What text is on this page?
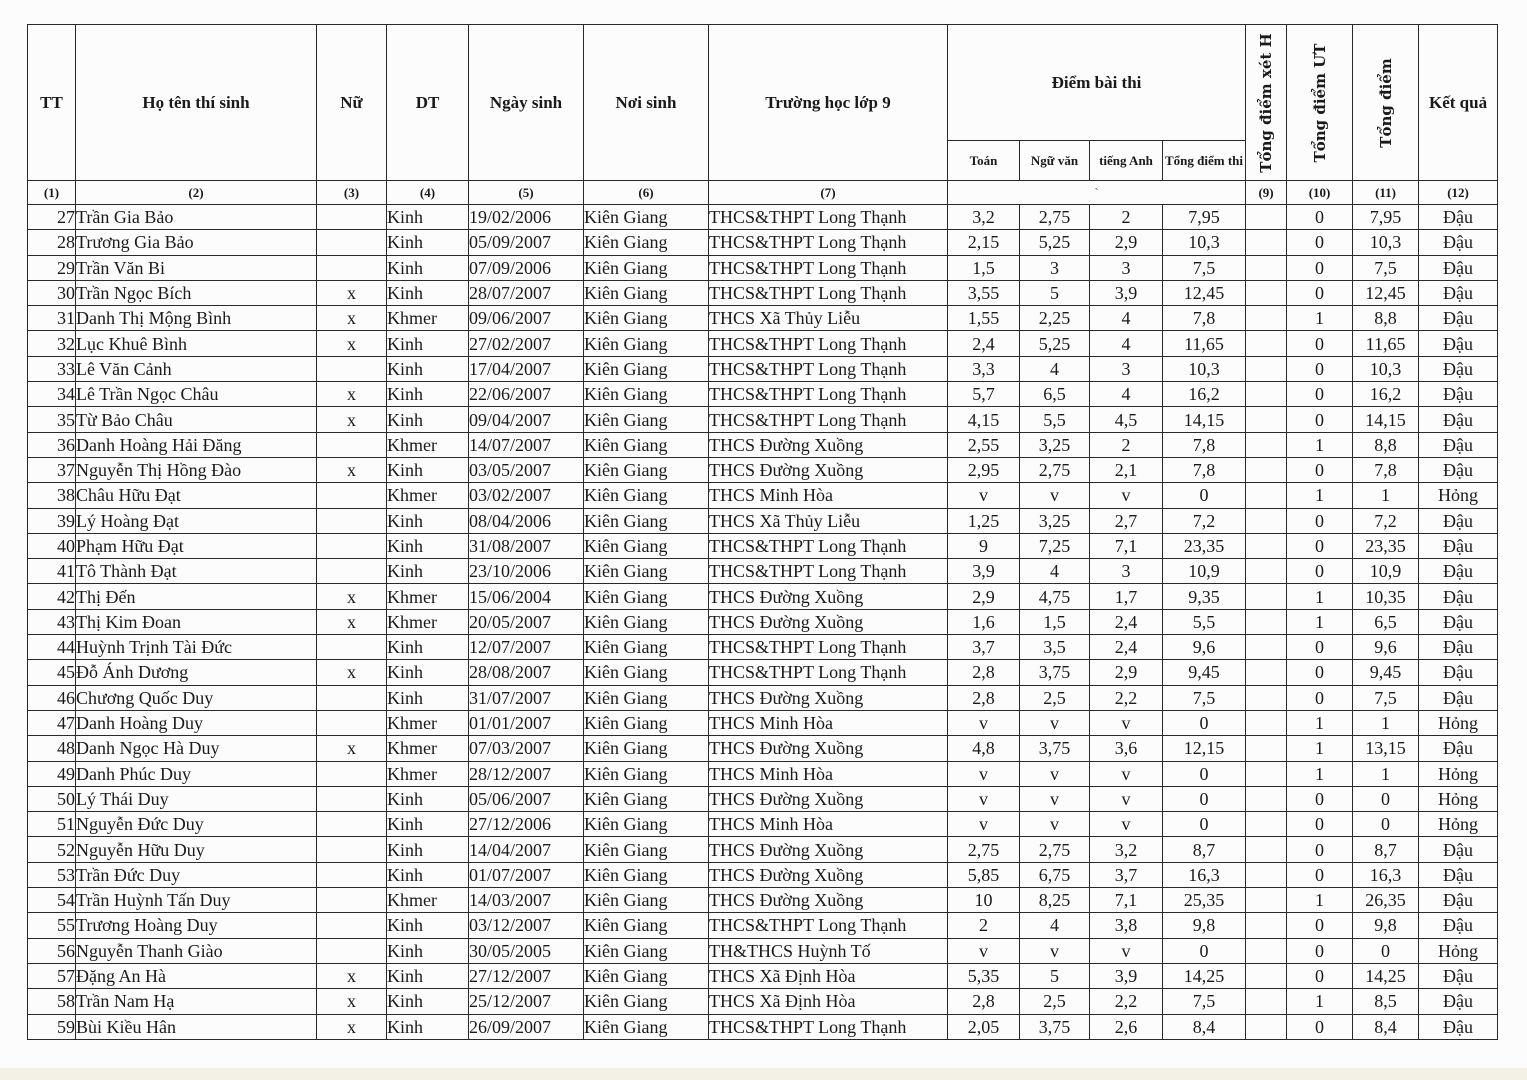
TT	Họ tên thí sinh	Nữ	DT	Ngày sinh	Nơi sinh	Trường học lớp 9	Điểm bài thi				Tổng điểm xét H	Tổng điểm ƯT	Tổng điểm	Kết quả
							Toán	Ngữ văn	tiếng Anh	Tổng điểm thi				
(1)	(2)	(3)	(4)	(5)	(6)	(7)	`				(9)	(10)	(11)	(12)
27	Trần Gia Bảo		Kinh	19/02/2006	Kiên Giang	THCS&THPT Long Thạnh	3,2	2,75	2	7,95		0	7,95	Đậu
28	Trương Gia Bảo		Kinh	05/09/2007	Kiên Giang	THCS&THPT Long Thạnh	2,15	5,25	2,9	10,3		0	10,3	Đậu
29	Trần Văn Bi		Kinh	07/09/2006	Kiên Giang	THCS&THPT Long Thạnh	1,5	3	3	7,5		0	7,5	Đậu
30	Trần Ngọc Bích	x	Kinh	28/07/2007	Kiên Giang	THCS&THPT Long Thạnh	3,55	5	3,9	12,45		0	12,45	Đậu
31	Danh Thị Mộng Bình	x	Khmer	09/06/2007	Kiên Giang	THCS Xã Thủy Liễu	1,55	2,25	4	7,8		1	8,8	Đậu
32	Lục Khuê Bình	x	Kinh	27/02/2007	Kiên Giang	THCS&THPT Long Thạnh	2,4	5,25	4	11,65		0	11,65	Đậu
33	Lê Văn Cảnh		Kinh	17/04/2007	Kiên Giang	THCS&THPT Long Thạnh	3,3	4	3	10,3		0	10,3	Đậu
34	Lê Trần Ngọc Châu	x	Kinh	22/06/2007	Kiên Giang	THCS&THPT Long Thạnh	5,7	6,5	4	16,2		0	16,2	Đậu
35	Từ Bảo Châu	x	Kinh	09/04/2007	Kiên Giang	THCS&THPT Long Thạnh	4,15	5,5	4,5	14,15		0	14,15	Đậu
36	Danh Hoàng Hải Đăng		Khmer	14/07/2007	Kiên Giang	THCS Đường Xuồng	2,55	3,25	2	7,8		1	8,8	Đậu
37	Nguyễn Thị Hồng Đào	x	Kinh	03/05/2007	Kiên Giang	THCS Đường Xuồng	2,95	2,75	2,1	7,8		0	7,8	Đậu
38	Châu Hữu Đạt		Khmer	03/02/2007	Kiên Giang	THCS Minh Hòa	v	v	v	0		1	1	Hỏng
39	Lý Hoàng Đạt		Kinh	08/04/2006	Kiên Giang	THCS Xã Thủy Liễu	1,25	3,25	2,7	7,2		0	7,2	Đậu
40	Phạm Hữu Đạt		Kinh	31/08/2007	Kiên Giang	THCS&THPT Long Thạnh	9	7,25	7,1	23,35		0	23,35	Đậu
41	Tô Thành Đạt		Kinh	23/10/2006	Kiên Giang	THCS&THPT Long Thạnh	3,9	4	3	10,9		0	10,9	Đậu
42	Thị Đến	x	Khmer	15/06/2004	Kiên Giang	THCS Đường Xuồng	2,9	4,75	1,7	9,35		1	10,35	Đậu
43	Thị Kim Đoan	x	Khmer	20/05/2007	Kiên Giang	THCS Đường Xuồng	1,6	1,5	2,4	5,5		1	6,5	Đậu
44	Huỳnh Trịnh Tài Đức		Kinh	12/07/2007	Kiên Giang	THCS&THPT Long Thạnh	3,7	3,5	2,4	9,6		0	9,6	Đậu
45	Đỗ Ánh Dương	x	Kinh	28/08/2007	Kiên Giang	THCS&THPT Long Thạnh	2,8	3,75	2,9	9,45		0	9,45	Đậu
46	Chương Quốc Duy		Kinh	31/07/2007	Kiên Giang	THCS Đường Xuồng	2,8	2,5	2,2	7,5		0	7,5	Đậu
47	Danh Hoàng Duy		Khmer	01/01/2007	Kiên Giang	THCS Minh Hòa	v	v	v	0		1	1	Hỏng
48	Danh Ngọc Hà Duy	x	Khmer	07/03/2007	Kiên Giang	THCS Đường Xuồng	4,8	3,75	3,6	12,15		1	13,15	Đậu
49	Danh Phúc Duy		Khmer	28/12/2007	Kiên Giang	THCS Minh Hòa	v	v	v	0		1	1	Hỏng
50	Lý Thái Duy		Kinh	05/06/2007	Kiên Giang	THCS Đường Xuồng	v	v	v	0		0	0	Hỏng
51	Nguyễn Đức Duy		Kinh	27/12/2006	Kiên Giang	THCS Minh Hòa	v	v	v	0		0	0	Hỏng
52	Nguyễn Hữu Duy		Kinh	14/04/2007	Kiên Giang	THCS Đường Xuồng	2,75	2,75	3,2	8,7		0	8,7	Đậu
53	Trần Đức Duy		Kinh	01/07/2007	Kiên Giang	THCS Đường Xuồng	5,85	6,75	3,7	16,3		0	16,3	Đậu
54	Trần Huỳnh Tấn Duy		Khmer	14/03/2007	Kiên Giang	THCS Đường Xuồng	10	8,25	7,1	25,35		1	26,35	Đậu
55	Trương Hoàng Duy		Kinh	03/12/2007	Kiên Giang	THCS&THPT Long Thạnh	2	4	3,8	9,8		0	9,8	Đậu
56	Nguyễn Thanh Giào		Kinh	30/05/2005	Kiên Giang	TH&THCS Huỳnh Tố	v	v	v	0		0	0	Hỏng
57	Đặng An Hà	x	Kinh	27/12/2007	Kiên Giang	THCS Xã Định Hòa	5,35	5	3,9	14,25		0	14,25	Đậu
58	Trần Nam Hạ	x	Kinh	25/12/2007	Kiên Giang	THCS Xã Định Hòa	2,8	2,5	2,2	7,5		1	8,5	Đậu
59	Bùi Kiều Hân	x	Kinh	26/09/2007	Kiên Giang	THCS&THPT Long Thạnh	2,05	3,75	2,6	8,4		0	8,4	Đậu
